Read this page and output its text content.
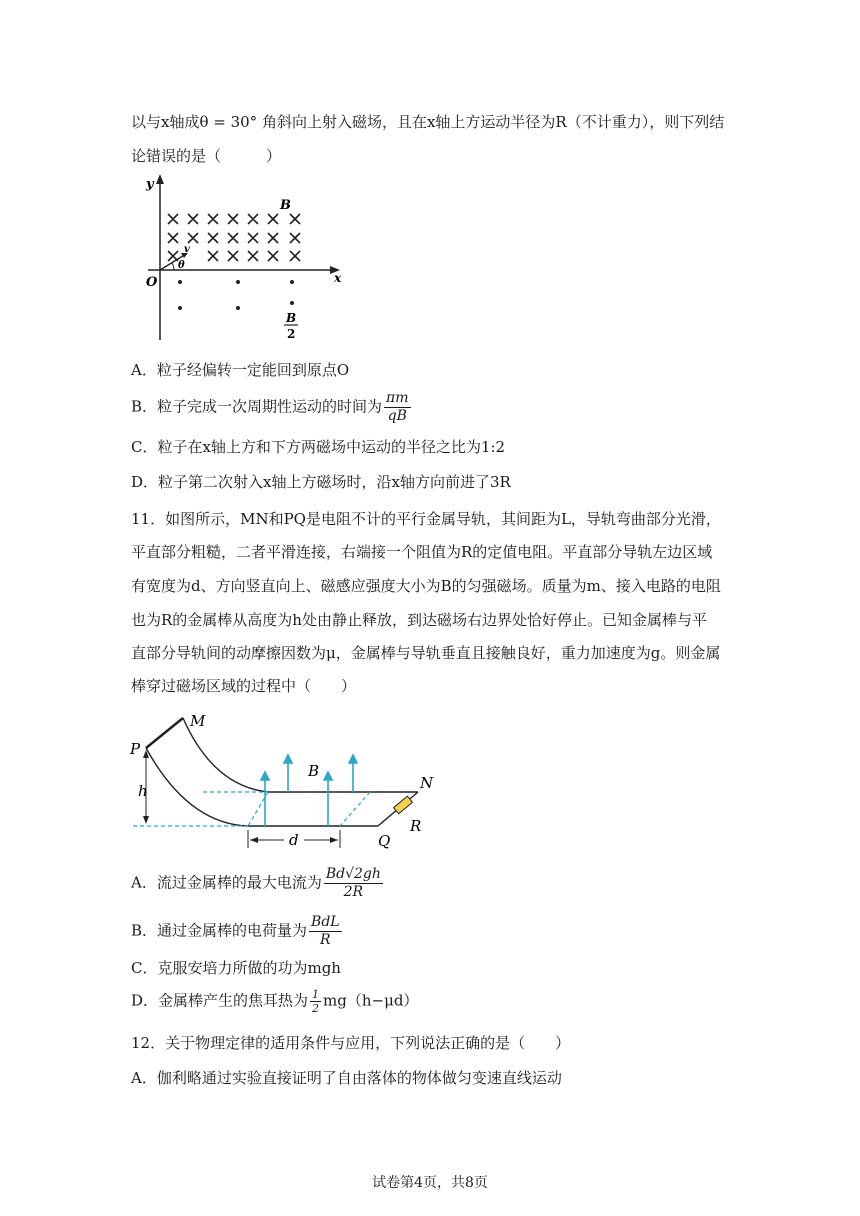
以与x轴成θ = 30° 角斜向上射入磁场，且在x轴上方运动半径为R（不计重力），则下列结
论错误的是（　　　）
y
x
O
B
v
θ
B
2
A．粒子经偏转一定能回到原点O
B．粒子完成一次周期性运动的时间为 $\frac{\pi m}{qB}$
C．粒子在x轴上方和下方两磁场中运动的半径之比为1:2
D．粒子第二次射入x轴上方磁场时，沿x轴方向前进了3R
11．如图所示，MN和PQ是电阻不计的平行金属导轨，其间距为L，导轨弯曲部分光滑，
平直部分粗糙，二者平滑连接，右端接一个阻值为R的定值电阻。平直部分导轨左边区域
有宽度为d、方向竖直向上、磁感应强度大小为B的匀强磁场。质量为m、接入电路的电阻
也为R的金属棒从高度为h处由静止释放，到达磁场右边界处恰好停止。已知金属棒与平
直部分导轨间的动摩擦因数为μ，金属棒与导轨垂直且接触良好，重力加速度为g。则金属
棒穿过磁场区域的过程中（　　）
M
P
h
B
N
R
Q
d
A．流过金属棒的最大电流为 $\frac{Bd√2gh}{2R}$
B．通过金属棒的电荷量为 $\frac{\text{BdL}}{R}$
C．克服安培力所做的功为mgh
D．金属棒产生的焦耳热为 $\frac{1}{2} mg(h-\mu d)$
12．关于物理定律的适用条件与应用，下列说法正确的是（　　）
A．伽利略通过实验直接证明了自由落体的物体做匀变速直线运动
试卷第4页，共8页
